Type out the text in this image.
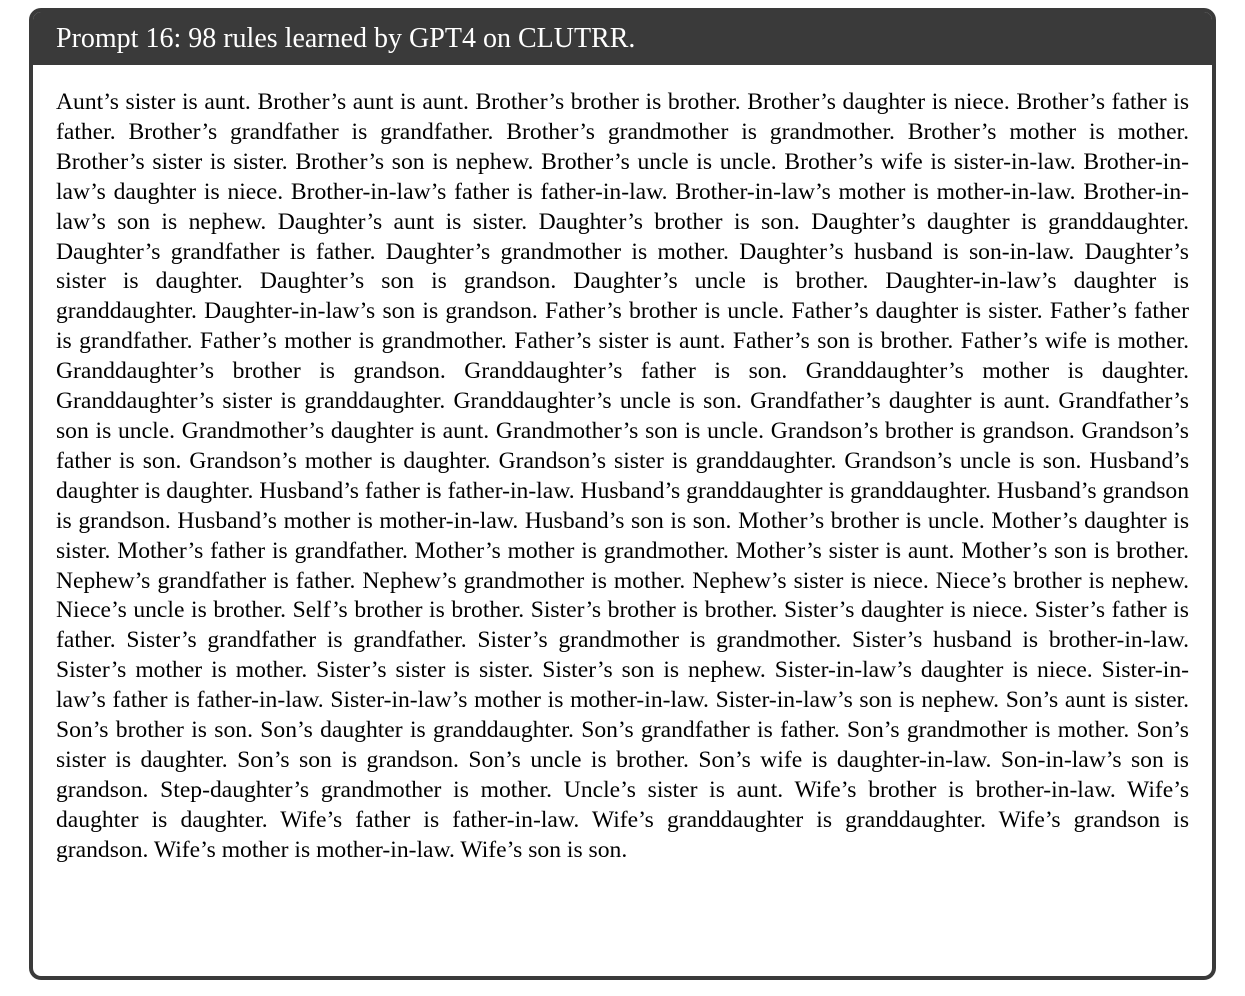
Prompt 16: 98 rules learned by GPT4 on CLUTRR.
Aunt’s sister is aunt. Brother’s aunt is aunt. Brother’s brother is brother. Brother’s daughter is niece. Brother’s father is father. Brother’s grandfather is grandfather. Brother’s grandmother is grandmother. Brother’s mother is mother. Brother’s sister is sister. Brother’s son is nephew. Brother’s uncle is uncle. Brother’s wife is sister-in-law. Brother-in-law’s daughter is niece. Brother-in-law’s father is father-in-law. Brother-in-law’s mother is mother-in-law. Brother-in-law’s son is nephew. Daughter’s aunt is sister. Daughter’s brother is son. Daughter’s daughter is granddaughter. Daughter’s grandfather is father. Daughter’s grandmother is mother. Daughter’s husband is son-in-law. Daughter’s sister is daughter. Daughter’s son is grandson. Daughter’s uncle is brother. Daughter-in-law’s daughter is granddaughter. Daughter-in-law’s son is grandson. Father’s brother is uncle. Father’s daughter is sister. Father’s father is grandfather. Father’s mother is grandmother. Father’s sister is aunt. Father’s son is brother. Father’s wife is mother. Granddaughter’s brother is grandson. Granddaughter’s father is son. Granddaughter’s mother is daughter. Granddaughter’s sister is granddaughter. Granddaughter’s uncle is son. Grandfather’s daughter is aunt. Grandfather’s son is uncle. Grandmother’s daughter is aunt. Grandmother’s son is uncle. Grandson’s brother is grandson. Grandson’s father is son. Grandson’s mother is daughter. Grandson’s sister is granddaughter. Grandson’s uncle is son. Husband’s daughter is daughter. Husband’s father is father-in-law. Husband’s granddaughter is granddaughter. Husband’s grandson is grandson. Husband’s mother is mother-in-law. Husband’s son is son. Mother’s brother is uncle. Mother’s daughter is sister. Mother’s father is grandfather. Mother’s mother is grandmother. Mother’s sister is aunt. Mother’s son is brother. Nephew’s grandfather is father. Nephew’s grandmother is mother. Nephew’s sister is niece. Niece’s brother is nephew. Niece’s uncle is brother. Self’s brother is brother. Sister’s brother is brother. Sister’s daughter is niece. Sister’s father is father. Sister’s grandfather is grandfather. Sister’s grandmother is grandmother. Sister’s husband is brother-in-law. Sister’s mother is mother. Sister’s sister is sister. Sister’s son is nephew. Sister-in-law’s daughter is niece. Sister-in-law’s father is father-in-law. Sister-in-law’s mother is mother-in-law. Sister-in-law’s son is nephew. Son’s aunt is sister. Son’s brother is son. Son’s daughter is granddaughter. Son’s grandfather is father. Son’s grandmother is mother. Son’s sister is daughter. Son’s son is grandson. Son’s uncle is brother. Son’s wife is daughter-in-law. Son-in-law’s son is grandson. Step-daughter’s grandmother is mother. Uncle’s sister is aunt. Wife’s brother is brother-in-law. Wife’s daughter is daughter. Wife’s father is father-in-law. Wife’s granddaughter is granddaughter. Wife’s grandson is grandson. Wife’s mother is mother-in-law. Wife’s son is son.
